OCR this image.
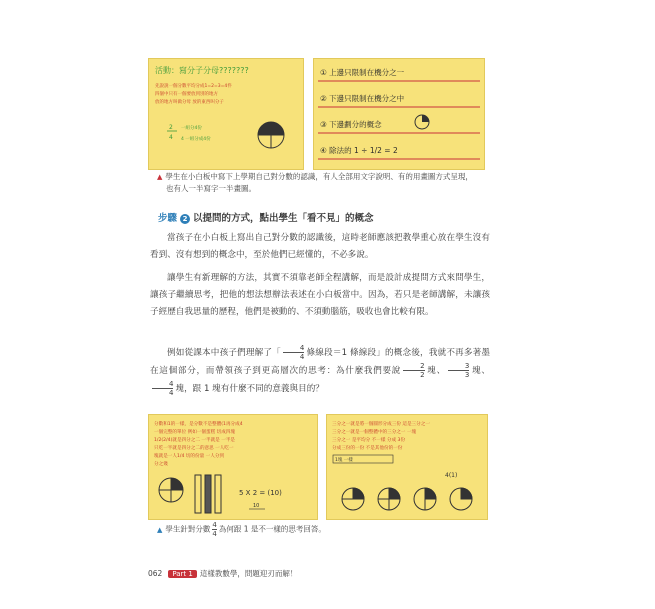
活動：寫分子分母???????
先說說一個分數平均分成1=2=3=4件 四個中只有一個要放到別的地方 放的地方叫做分母 放的東西叫分子
2
4
一組分4份
4 一組分成4份
① 上邊只限制在機分之一
② 下邊只限制在機分之中
③ 下邊劃分的概念
④ 除法的 1 ÷ 1/2 = 2
▲ 學生在小白板中寫下上學期自己對分數的認識，有人全部用文字說明、有的用畫圖方式呈現，
也有人一半寫字一半畫圖。
步驟 2 以提問的方式，點出學生「看不見」的概念
當孩子在小白板上寫出自己對分數的認識後，這時老師應該把教學重心放在學生沒有看到、沒有想到的概念中，至於他們已經懂的，不必多說。
讓學生有新理解的方法，其實不須靠老師全程講解，而是設計成提問方式來問學生，讓孩子繼續思考，把他的想法想辦法表述在小白板當中。因為，若只是老師講解，未讓孩子經歷自我思量的歷程，他們是被動的、不須動腦筋，吸收也會比較有限。
例如從課本中孩子們理解了「 $\frac{4}{4}$ 條線段＝1 條線段」的概念後，我就不再多著墨在這個部分，而帶領孩子到更高層次的思考：為什麼我們要說 $\frac{2}{2}$ 塊、 $\frac{3}{3}$ 塊、
$\frac{4}{4}$ 塊，跟 1 塊有什麼不同的意義與目的？
分數和1的一樣，是分數不是整體(1再分成4
一個完整的單位 例如一個蛋糕 切成四塊
1/2(2/4)就是四分之二 一半就是 一半是
只吃一半就是四分之二的意思 一人吃一
塊就是一人1/4 切的份量 一人分到
分之幾
5 X 2 = (10)
10
三分之一就是將一個圓形分成三份 這是三分之一
三分之一就是一個整體中的三分之一 一塊
三分之一 是平均分 不一樣 分成 3份
分成三份的一份 不是其他份的一份
1塊 一樣
4(1)
▲ 學生針對分數 $\frac{4}{4}$ 為何跟 1 是不一樣的思考回答。
062 Part 1 這樣教數學，問題迎刃而解！
